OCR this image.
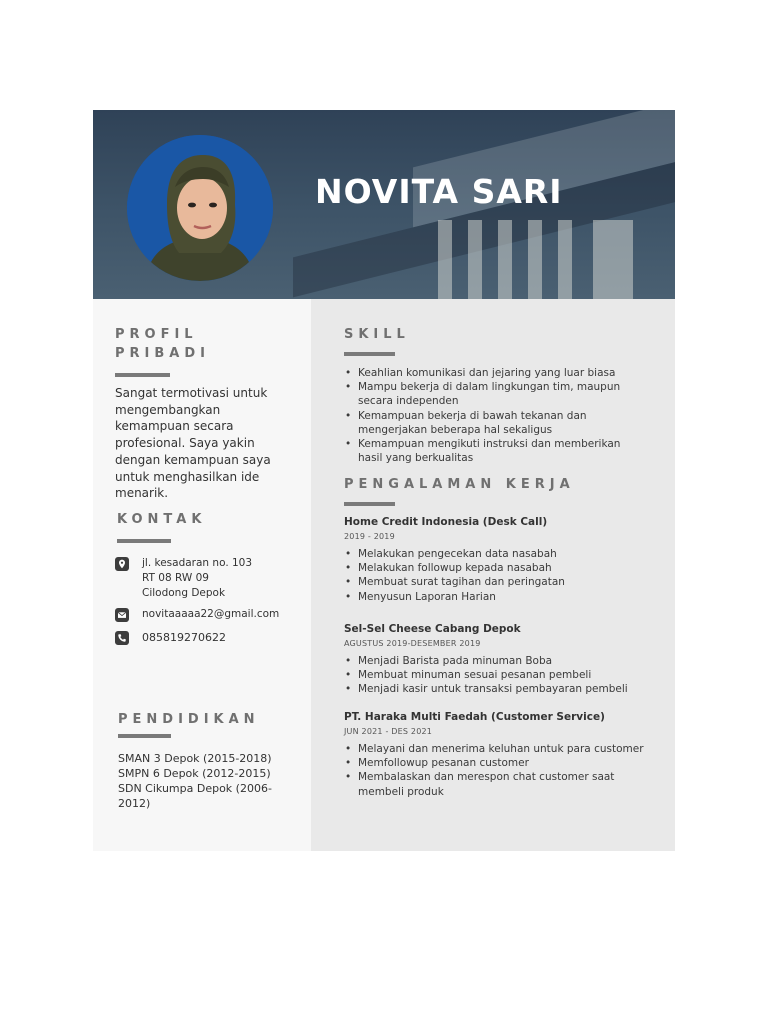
NOVITA SARI
PROFIL
PRIBADI

Sangat termotivasi untuk mengembangkan kemampuan secara profesional. Saya yakin dengan kemampuan saya untuk menghasilkan ide menarik.

KONTAK
jl. kesadaran no. 103
RT 08 RW 09
Cilodong Depok
novitaaaaa22@gmail.com
085819270622
PENDIDIKAN
SMAN 3 Depok (2015-2018)
SMPN 6 Depok (2012-2015)
SDN Cikumpa Depok (2006-2012)
SKILL
• Keahlian komunikasi dan jejaring yang luar biasa
• Mampu bekerja di dalam lingkungan tim, maupun secara independen
• Kemampuan bekerja di bawah tekanan dan mengerjakan beberapa hal sekaligus
• Kemampuan mengikuti instruksi dan memberikan hasil yang berkualitas
PENGALAMAN KERJA

Home Credit Indonesia (Desk Call)

2019 - 2019

• Melakukan pengecekan data nasabah
• Melakukan followup kepada nasabah
• Membuat surat tagihan dan peringatan
• Menyusun Laporan Harian

Sel-Sel Cheese Cabang Depok

AGUSTUS 2019-DESEMBER 2019

• Menjadi Barista pada minuman Boba
• Membuat minuman sesuai pesanan pembeli
• Menjadi kasir untuk transaksi pembayaran pembeli

PT. Haraka Multi Faedah (Customer Service)

JUN 2021 - DES 2021

• Melayani dan menerima keluhan untuk para customer
• Memfollowup pesanan customer
• Membalaskan dan merespon chat customer saat membeli produk
